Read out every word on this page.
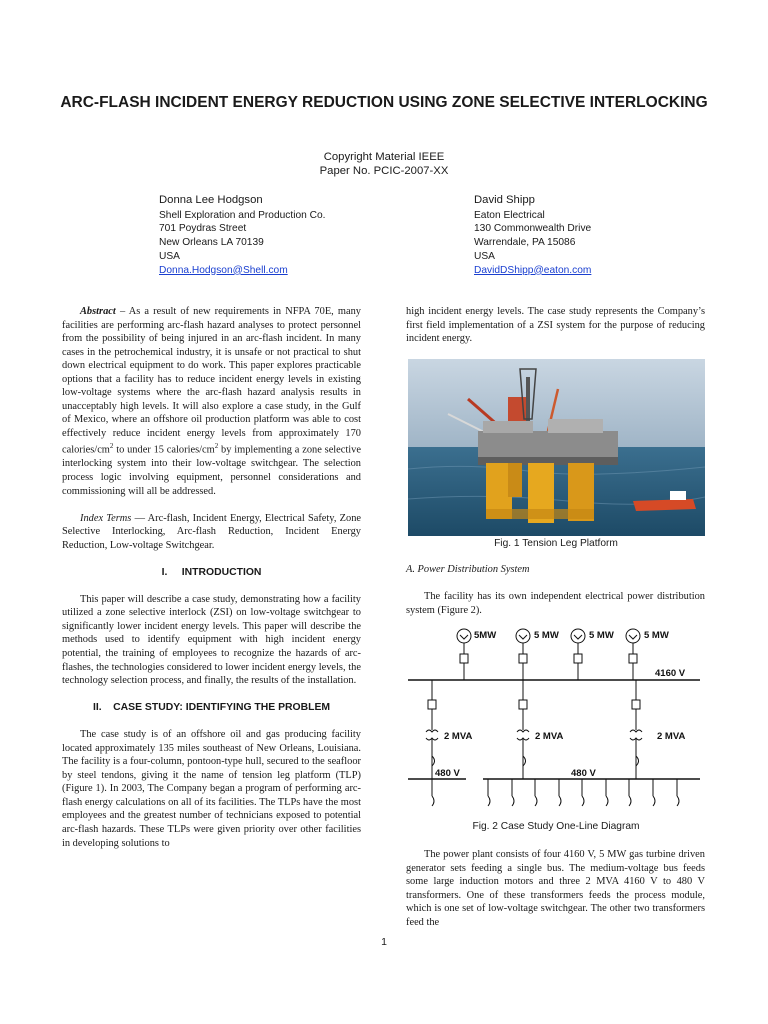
ARC-FLASH INCIDENT ENERGY REDUCTION USING ZONE SELECTIVE INTERLOCKING
Copyright Material IEEE
Paper No. PCIC-2007-XX
Donna Lee Hodgson
Shell Exploration and Production Co.
701 Poydras Street
New Orleans LA 70139
USA
Donna.Hodgson@Shell.com
David Shipp
Eaton Electrical
130 Commonwealth Drive
Warrendale, PA 15086
USA
DavidDShipp@eaton.com

Abstract – As a result of new requirements in NFPA 70E, many facilities are performing arc-flash hazard analyses to protect personnel from the possibility of being injured in an arc-flash incident. In many cases in the petrochemical industry, it is unsafe or not practical to shut down electrical equipment to do work. This paper explores practicable options that a facility has to reduce incident energy levels in existing low-voltage systems where the arc-flash hazard analysis results in unacceptably high levels. It will also explore a case study, in the Gulf of Mexico, where an offshore oil production platform was able to cost effectively reduce incident energy levels from approximately 170 calories/$cm^2$ to under 15 calories/$cm^2$ by implementing a zone selective interlocking system into their low-voltage switchgear. The selection process logic involving equipment, personnel considerations and commissioning will all be addressed.

Index Terms — Arc-flash, Incident Energy, Electrical Safety, Zone Selective Interlocking, Arc-flash Reduction, Incident Energy Reduction, Low-voltage Switchgear.

I. INTRODUCTION

This paper will describe a case study, demonstrating how a facility utilized a zone selective interlock (ZSI) on low-voltage switchgear to significantly lower incident energy levels. This paper will describe the methods used to identify equipment with high incident energy potential, the training of employees to recognize the hazards of arc-flashes, the technologies considered to lower incident energy levels, the technology selection process, and finally, the results of the installation.

II. CASE STUDY: IDENTIFYING THE PROBLEM

The case study is of an offshore oil and gas producing facility located approximately 135 miles southeast of New Orleans, Louisiana. The facility is a four-column, pontoon-type hull, secured to the seafloor by steel tendons, giving it the name of tension leg platform (TLP) (Figure 1). In 2003, The Company began a program of performing arc-flash energy calculations on all of its facilities. The TLPs have the most employees and the greatest number of technicians exposed to potential arc-flash hazards. These TLPs were given priority over other facilities in developing solutions to

high incident energy levels. The case study represents the Company’s first field implementation of a ZSI system for the purpose of reducing incident energy.

Fig. 1 Tension Leg Platform
A. Power Distribution System

The facility has its own independent electrical power distribution system (Figure 2).

5MW	5 MW	5 MW	5 MW
4160 V
2 MVA	2 MVA	2 MVA
480 V	480 V
Fig. 2 Case Study One-Line Diagram

The power plant consists of four 4160 V, 5 MW gas turbine driven generator sets feeding a single bus. The medium-voltage bus feeds some large induction motors and three 2 MVA 4160 V to 480 V transformers. One of these transformers feeds the process module, which is one set of low-voltage switchgear. The other two transformers feed the

1
